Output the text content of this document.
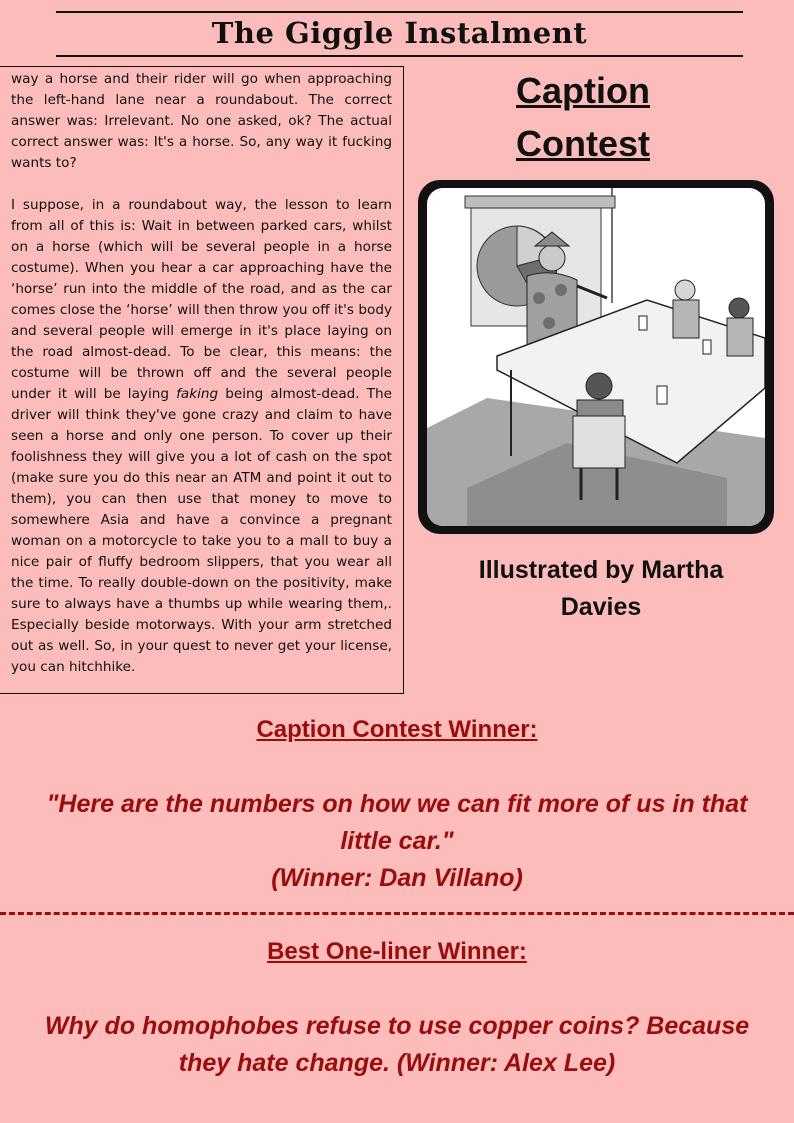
The Giggle Instalment

way a horse and their rider will go when approaching the left-hand lane near a roundabout. The correct answer was: Irrelevant. No one asked, ok? The actual correct answer was: It's a horse. So, any way it fucking wants to?

I suppose, in a roundabout way, the lesson to learn from all of this is: Wait in between parked cars, whilst on a horse (which will be several people in a horse costume). When you hear a car approaching have the ‘horse’ run into the middle of the road, and as the car comes close the ‘horse’ will then throw you off it's body and several people will emerge in it's place laying on the road almost-dead. To be clear, this means: the costume will be thrown off and the several people under it will be laying faking being almost-dead. The driver will think they've gone crazy and claim to have seen a horse and only one person. To cover up their foolishness they will give you a lot of cash on the spot (make sure you do this near an ATM and point it out to them), you can then use that money to move to somewhere Asia and have a convince a pregnant woman on a motorcycle to take you to a mall to buy a nice pair of fluffy bedroom slippers, that you wear all the time. To really double-down on the positivity, make sure to always have a thumbs up while wearing them,. Especially beside motorways. With your arm stretched out as well. So, in your quest to never get your license, you can hitchhike.

Caption
Contest
Illustrated by Martha
Davies
Caption Contest Winner:
"Here are the numbers on how we can fit more of us in that
little car."
(Winner: Dan Villano)
Best One-liner Winner:
Why do homophobes refuse to use copper coins? Because
they hate change. (Winner: Alex Lee)
